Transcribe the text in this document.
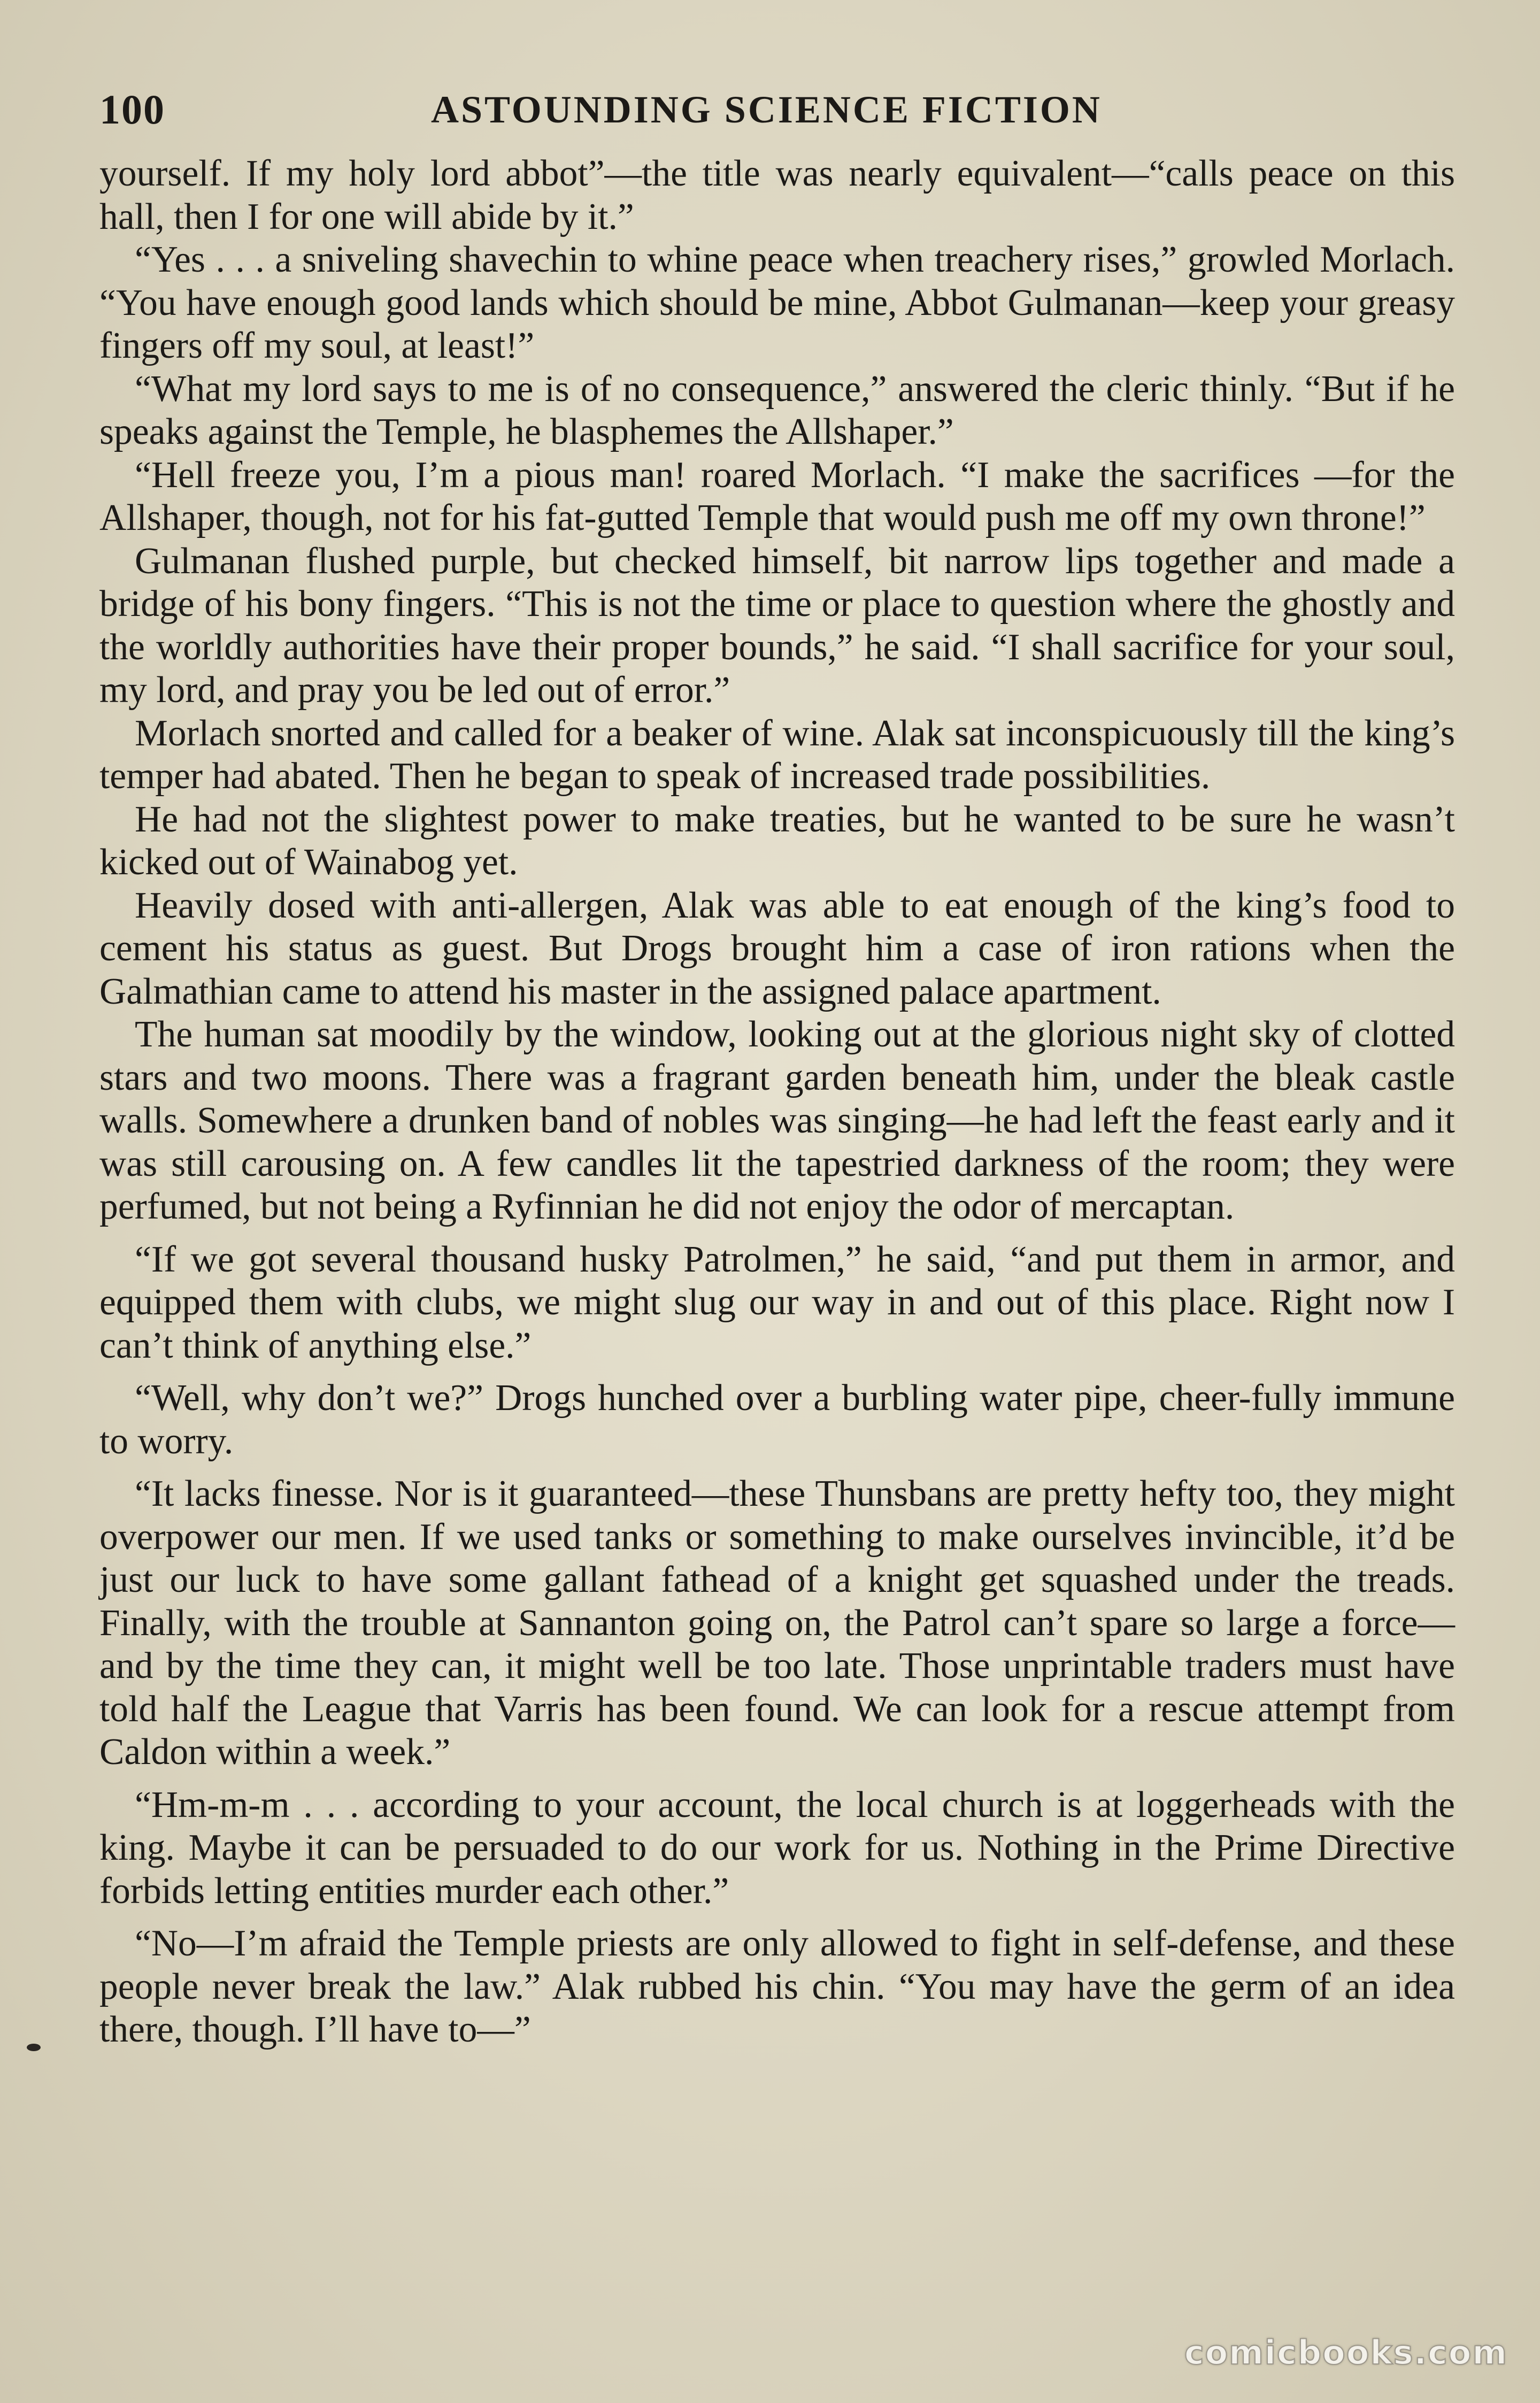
100	ASTOUNDING SCIENCE FICTION

yourself. If my holy lord abbot”—the title was nearly equivalent—“calls peace on this hall, then I for one will abide by it.”

“Yes . . . a sniveling shavechin to whine peace when treachery rises,” growled Morlach. “You have enough good lands which should be mine, Abbot Gulmanan—keep your greasy fingers off my soul, at least!”

“What my lord says to me is of no consequence,” answered the cleric thinly. “But if he speaks against the Temple, he blasphemes the Allshaper.”

“Hell freeze you, I’m a pious man! roared Morlach. “I make the sacrifices —for the Allshaper, though, not for his fat-gutted Temple that would push me off my own throne!”

Gulmanan flushed purple, but checked himself, bit narrow lips together and made a bridge of his bony fingers. “This is not the time or place to question where the ghostly and the worldly authorities have their proper bounds,” he said. “I shall sacrifice for your soul, my lord, and pray you be led out of error.”

Morlach snorted and called for a beaker of wine. Alak sat inconspicuously till the king’s temper had abated. Then he began to speak of increased trade possibilities.

He had not the slightest power to make treaties, but he wanted to be sure he wasn’t kicked out of Wainabog yet.

Heavily dosed with anti-allergen, Alak was able to eat enough of the king’s food to cement his status as guest. But Drogs brought him a case of iron rations when the Galmathian came to attend his master in the assigned palace apartment.

The human sat moodily by the window, looking out at the glorious night sky of clotted stars and two moons. There was a fragrant garden beneath him, under the bleak castle walls. Somewhere a drunken band of nobles was singing—he had left the feast early and it was still carousing on. A few candles lit the tapestried darkness of the room; they were perfumed, but not being a Ryfinnian he did not enjoy the odor of mercaptan.

“If we got several thousand husky Patrolmen,” he said, “and put them in armor, and equipped them with clubs, we might slug our way in and out of this place. Right now I can’t think of anything else.”

“Well, why don’t we?” Drogs hunched over a burbling water pipe, cheer-fully immune to worry.

“It lacks finesse. Nor is it guaranteed—these Thunsbans are pretty hefty too, they might overpower our men. If we used tanks or something to make ourselves invincible, it’d be just our luck to have some gallant fathead of a knight get squashed under the treads. Finally, with the trouble at Sannanton going on, the Patrol can’t spare so large a force—and by the time they can, it might well be too late. Those unprintable traders must have told half the League that Varris has been found. We can look for a rescue attempt from Caldon within a week.”

“Hm-m-m . . . according to your account, the local church is at loggerheads with the king. Maybe it can be persuaded to do our work for us. Nothing in the Prime Directive forbids letting entities murder each other.”

“No—I’m afraid the Temple priests are only allowed to fight in self-defense, and these people never break the law.” Alak rubbed his chin. “You may have the germ of an idea there, though. I’ll have to—”

comicbooks.com
